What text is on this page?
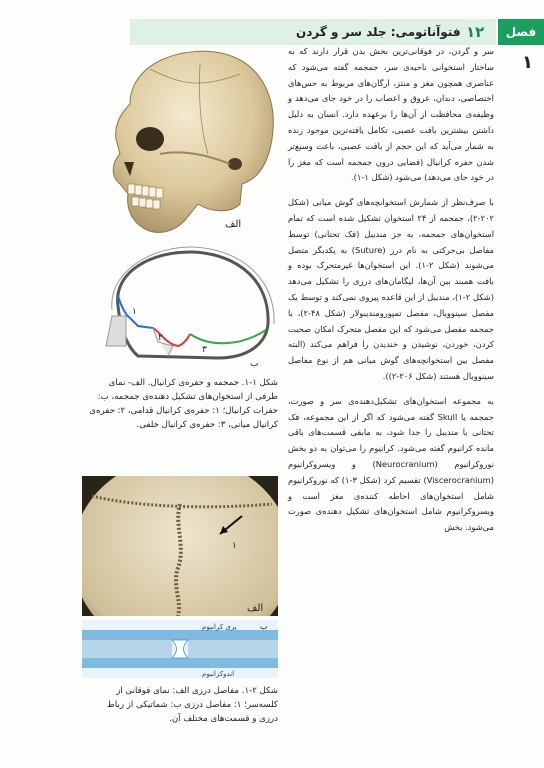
فتوآناتومی: جلد سر و گردن ۱۲	فصل
۱

سر و گردن، در فوقانی‌ترین بخش بدن قرار دارند که به ساختار استخوانی ناحیه‌ی سر، جمجمه گفته می‌شود که عناصری همچون مغز و منتز، ارگان‌های مربوط به حس‌های اختصاصی، دندان، عروق و اعصاب را در خود جای می‌دهد و وظیفه‌ی محافظت از آن‌ها را برعهده دارد. انسان به دلیل داشتن بیشترین بافت عصبی، تکامل یافته‌ترین موجود زنده به شمار می‌آید که این حجم از بافت عصبی، باعث وسیع‌تر شدن حفره کرانیال (فضایی درون جمجمه است که مغز را در خود جای می‌دهد) می‌شود (شکل ۱-۱).

با صرف‌نظر از شمارش استخوانچه‌های گوش میانی (شکل ۲۰۲-۲)، جمجمه از ۲۴ استخوان تشکیل شده است که تمام استخوان‌های جمجمه، به جز مندیبل (فک تحتانی) توسط مفاصل بی‌حرکتی به نام درز (Suture) به یکدیگر متصل می‌شوند (شکل ۲-۱). این استخوان‌ها غیرمتحرک بوده و بافت همبند بین آن‌ها، لیگامان‌های درزی را تشکیل می‌دهد (شکل ۲-۱)، مندیبل از این قاعده پیروی نمی‌کند و توسط یک مفصل سینوویال، مفصل تمپورومندیبولار (شکل ۴۸-۲)، با جمجمه مفصل می‌شود که این مفصل متحرک امکان صحبت کردن، خوردن، نوشیدن و خندیدن را فراهم می‌کند (البته مفصل بین استخوانچه‌های گوش میانی هم از نوع مفاصل سینوویال هستند (شکل ۲۰۶-۲)).

به مجموعه استخوان‌های تشکیل‌دهنده‌ی سر و صورت، جمجمه یا Skull گفته می‌شود که اگر از این مجموعه، فک تحتانی یا مندیبل را جدا شود، به مابقی قسمت‌های باقی مانده کرانیوم گفته می‌شود. کرانیوم را می‌توان به دو بخش نوروکرانیوم (Neurocranium) و ویسروکرانیوم (Viscerocranium) تقسیم کرد (شکل ۳-۱) که نوروکرانیوم شامل استخوان‌های احاطه کننده‌ی مغز است و ویسروکرانیوم شامل استخوان‌های تشکیل دهنده‌ی صورت می‌شود. بخش

الف
۱
۲
۳
ب
شکل ۱-۱. جمجمه و حفره‌ی کرانیال. الف- نمای طرفی از استخوان‌های تشکیل دهنده‌ی جمجمه، ب: حفرات کرانیال؛ ۱: حفره‌ی کرانیال قدامی، ۲: حفره‌ی کرانیال میانی، ۳: حفره‌ی کرانیال خلفی.
۱
الف
پری کرانیوم
اندوکرانیوم
ب
شکل ۲-۱. مفاصل درزی الف: نمای فوقانی از کلسه‌سر؛ ۱: مفاصل درزی ب: شماتیکی از رباط درزی و قسمت‌های مختلف آن.
